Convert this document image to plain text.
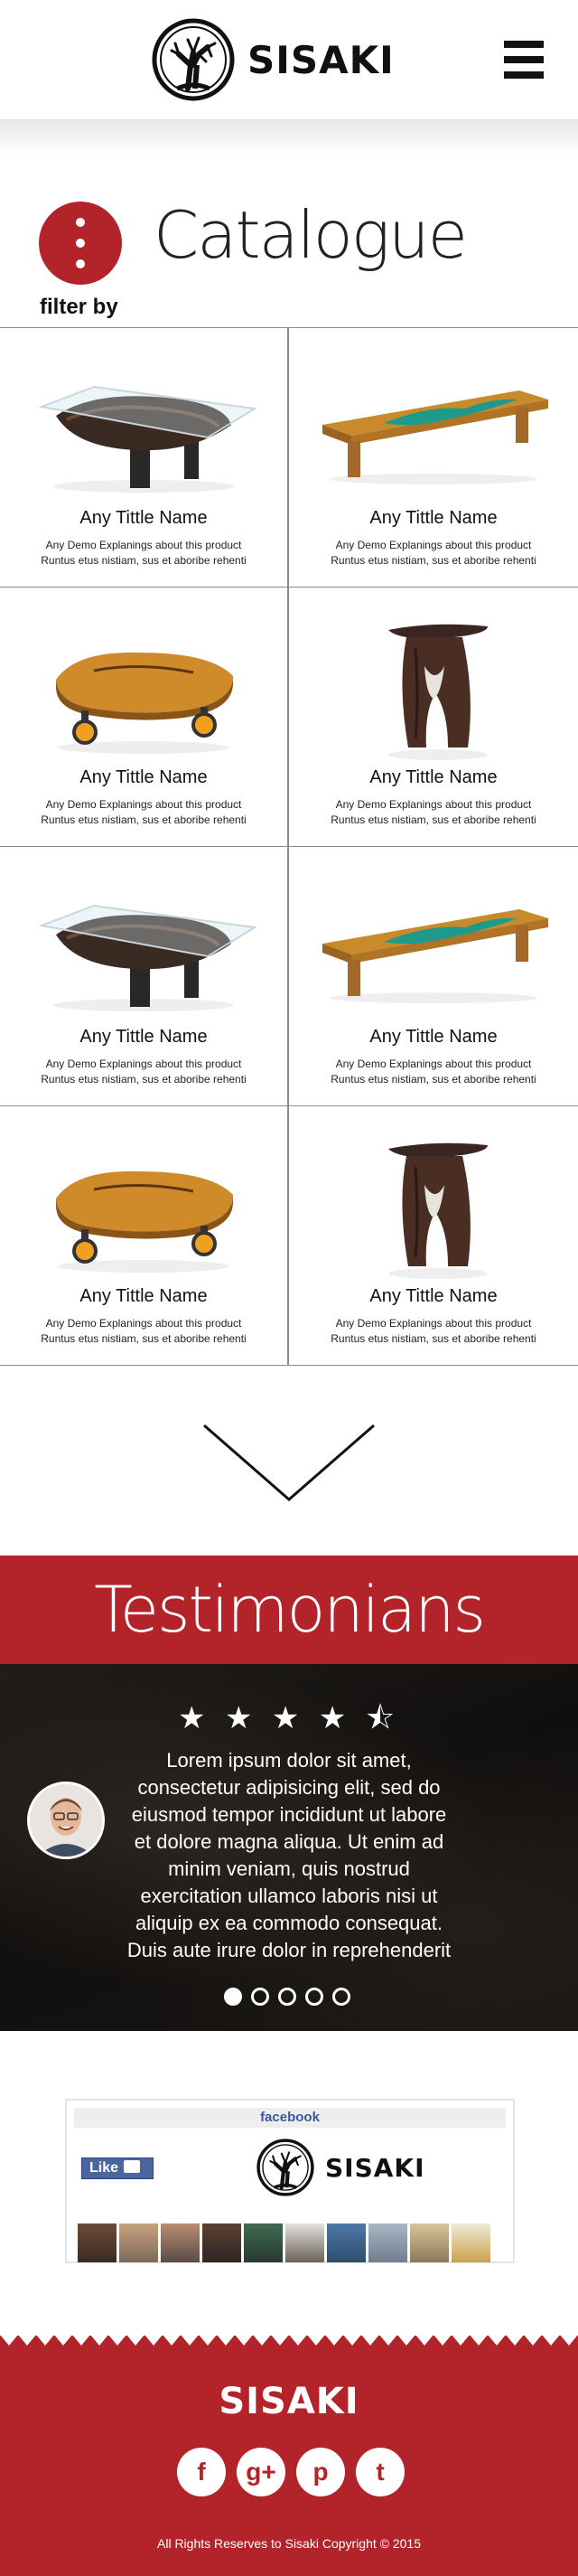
SISAKI
Catalogue
filter by
Any Tittle Name
Any Demo Explanings about this product
Runtus etus nistiam, sus et aboribe rehenti
Any Tittle Name
Any Demo Explanings about this product
Runtus etus nistiam, sus et aboribe rehenti
Any Tittle Name
Any Demo Explanings about this product
Runtus etus nistiam, sus et aboribe rehenti
Any Tittle Name
Any Demo Explanings about this product
Runtus etus nistiam, sus et aboribe rehenti
Any Tittle Name
Any Demo Explanings about this product
Runtus etus nistiam, sus et aboribe rehenti
Any Tittle Name
Any Demo Explanings about this product
Runtus etus nistiam, sus et aboribe rehenti
Any Tittle Name
Any Demo Explanings about this product
Runtus etus nistiam, sus et aboribe rehenti
Any Tittle Name
Any Demo Explanings about this product
Runtus etus nistiam, sus et aboribe rehenti
Testimonians
★ ★ ★ ★ ⯪
Lorem ipsum dolor sit amet, consectetur adipisicing elit, sed do eiusmod tempor incididunt ut labore et dolore magna aliqua. Ut enim ad minim veniam, quis nostrud exercitation ullamco laboris nisi ut aliquip ex ea commodo consequat. Duis aute irure dolor in reprehenderit
facebook
Like	SISAKI
SISAKI
f	g+	p	t
All Rights Reserves to Sisaki Copyright © 2015
